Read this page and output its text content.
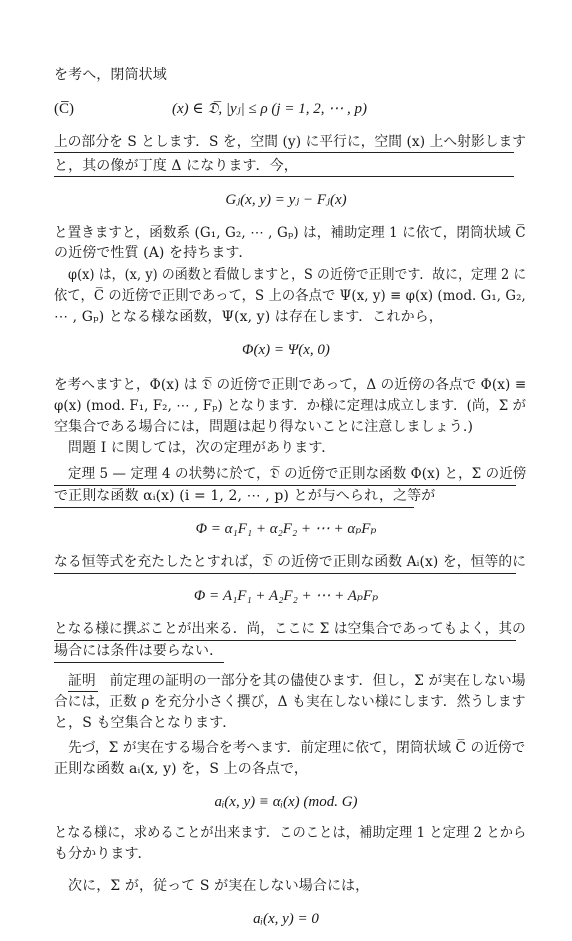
を考へ，閉筒状域
(C̅)	(x) ∈ 𝔇̅, |yⱼ| ≤ ρ (j = 1, 2, ⋯ , p)
上の部分を S とします．S を，空間 (y) に平行に，空間 (x) 上へ射影します
と，其の像が丁度 Δ になります．今，
Gⱼ(x, y) = yⱼ − Fⱼ(x)
と置きますと，函数系 (G₁, G₂, ⋯ , Gₚ) は，補助定理 1 に依て，閉筒状域 C̅
の近傍で性質 (A) を持ちます．
φ(x) は，(x, y) の函数と看做しますと，S の近傍で正則です．故に，定理 2 に
依て，C̅ の近傍で正則であって，S 上の各点で Ψ(x, y) ≡ φ(x) (mod. G₁, G₂,
⋯ , Gₚ) となる様な函数，Ψ(x, y) は存在します．これから，
Φ(x) = Ψ(x, 0)
を考へますと，Φ(x) は 𝔇̅ の近傍で正則であって，Δ の近傍の各点で Φ(x) ≡
φ(x) (mod. F₁, F₂, ⋯ , Fₚ) となります．か様に定理は成立します．(尚，Σ が
空集合である場合には，問題は起り得ないことに注意しましょう.)
問題 I に関しては，次の定理があります．
定理 5 — 定理 4 の状勢に於て，𝔇̅ の近傍で正則な函数 Φ(x) と，Σ の近傍
で正則な函数 αᵢ(x) (i = 1, 2, ⋯ , p) とが与へられ，之等が
Φ = α₁F₁ + α₂F₂ + ⋯ + αₚFₚ
なる恒等式を充たしたとすれば，𝔇̅ の近傍で正則な函数 Aᵢ(x) を，恒等的に
Φ = A₁F₁ + A₂F₂ + ⋯ + AₚFₚ
となる様に撰ぶことが出来る．尚，ここに Σ は空集合であってもよく，其の
場合には条件は要らない．
証明　前定理の証明の一部分を其の儘使ひます．但し，Σ が実在しない場
合には，正数 ρ を充分小さく撰び，Δ も実在しない様にします．然うします
と，S も空集合となります．
先づ，Σ が実在する場合を考へます．前定理に依て，閉筒状域 C̅ の近傍で
正則な函数 aᵢ(x, y) を，S 上の各点で，
aᵢ(x, y) ≡ αᵢ(x) (mod. G)
となる様に，求めることが出来ます．このことは，補助定理 1 と定理 2 とから
も分かります．
次に，Σ が，従って S が実在しない場合には，
aᵢ(x, y) = 0
